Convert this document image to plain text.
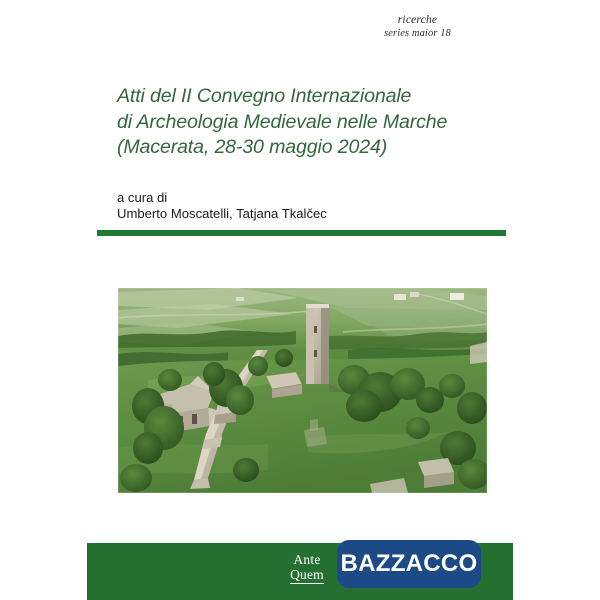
ricerche
series maior 18
Atti del II Convegno Internazionale
di Archeologia Medievale nelle Marche
(Macerata, 28-30 maggio 2024)
a cura di
Umberto Moscatelli, Tatjana Tkalčec
Ante
Quem BAZZACCO
